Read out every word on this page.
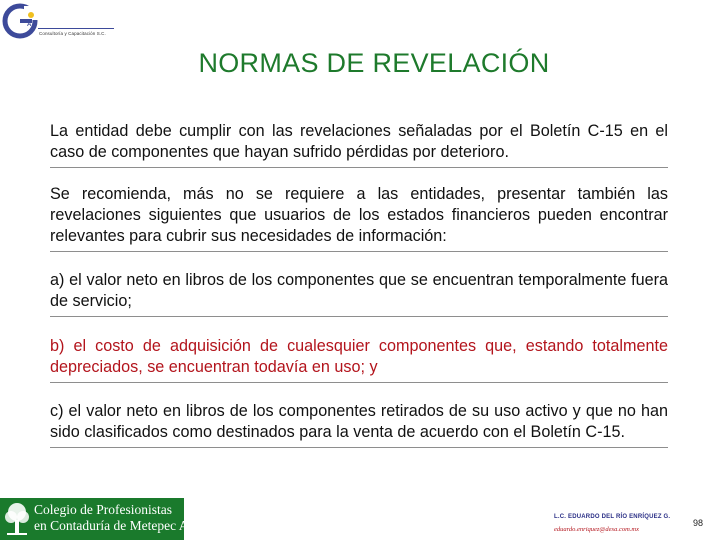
A
Consultoría y Capacitación S.C.
NORMAS DE REVELACIÓN
La entidad debe cumplir con las revelaciones señaladas por el Boletín C-15 en el caso de componentes que hayan sufrido pérdidas por deterioro.
Se recomienda, más no se requiere a las entidades, presentar también las revelaciones siguientes que usuarios de los estados financieros pueden encontrar relevantes para cubrir sus necesidades de información:
a) el valor neto en libros de los componentes que se encuentran temporalmente fuera de servicio;
b) el costo de adquisición de cualesquier componentes que, estando totalmente depreciados, se encuentran todavía en uso; y
c) el valor neto en libros de los componentes retirados de su uso activo y que no han sido clasificados como destinados para la venta de acuerdo con el Boletín C-15.
Colegio de Profesionistas
en Contaduría de Metepec A.C.
L.C. EDUARDO DEL RÍO ENRÍQUEZ G.
eduardo.enriquez@desa.com.mx
98
